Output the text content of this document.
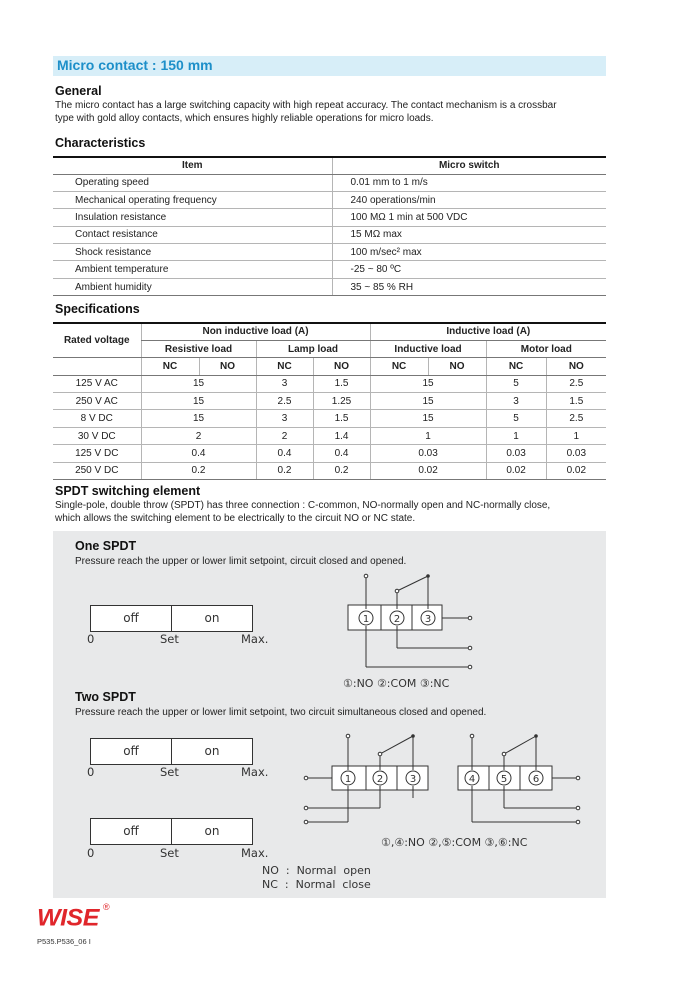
Micro contact : 150 mm
General
The micro contact has a large switching capacity with high repeat accuracy. The contact mechanism is a crossbar
type with gold alloy contacts, which ensures highly reliable operations for micro loads.
Characteristics
Item	Micro switch
Operating speed	0.01 mm to 1 m/s
Mechanical operating frequency	240 operations/min
Insulation resistance	100 MΩ 1 min at 500 VDC
Contact resistance	15 MΩ max
Shock resistance	100 m/sec² max
Ambient temperature	-25 ~ 80 ºC
Ambient humidity	35 ~ 85 % RH
Specifications
Rated voltage	Non inductive load (A)				Inductive load (A)			
	Resistive load		Lamp load		Inductive load		Motor load	
	NC	NO	NC	NO	NC	NO	NC	NO
125 V AC	15		3	1.5	15		5	2.5
250 V AC	15		2.5	1.25	15		3	1.5
8 V DC	15		3	1.5	15		5	2.5
30 V DC	2		2	1.4	1		1	1
125 V DC	0.4		0.4	0.4	0.03		0.03	0.03
250 V DC	0.2		0.2	0.2	0.02		0.02	0.02
SPDT switching element
Single-pole, double throw (SPDT) has three connection : C-common, NO-normally open and NC-normally close,
which allows the switching element to be electrically to the circuit NO or NC state.
One SPDT
Pressure reach the upper or lower limit setpoint, circuit closed and opened.
off	on
0	Set	Max.
1 2 3
①:NO ②:COM ③:NC
Two SPDT
Pressure reach the upper or lower limit setpoint, two circuit simultaneous closed and opened.
off	on
0	Set	Max.
off	on
0	Set	Max.
1	2	3	4	5	6
①,④:NO ②,⑤:COM ③,⑥:NC
NO  :  Normal  open
NC  :  Normal  close
WISE ®
P535.P536_06 I
